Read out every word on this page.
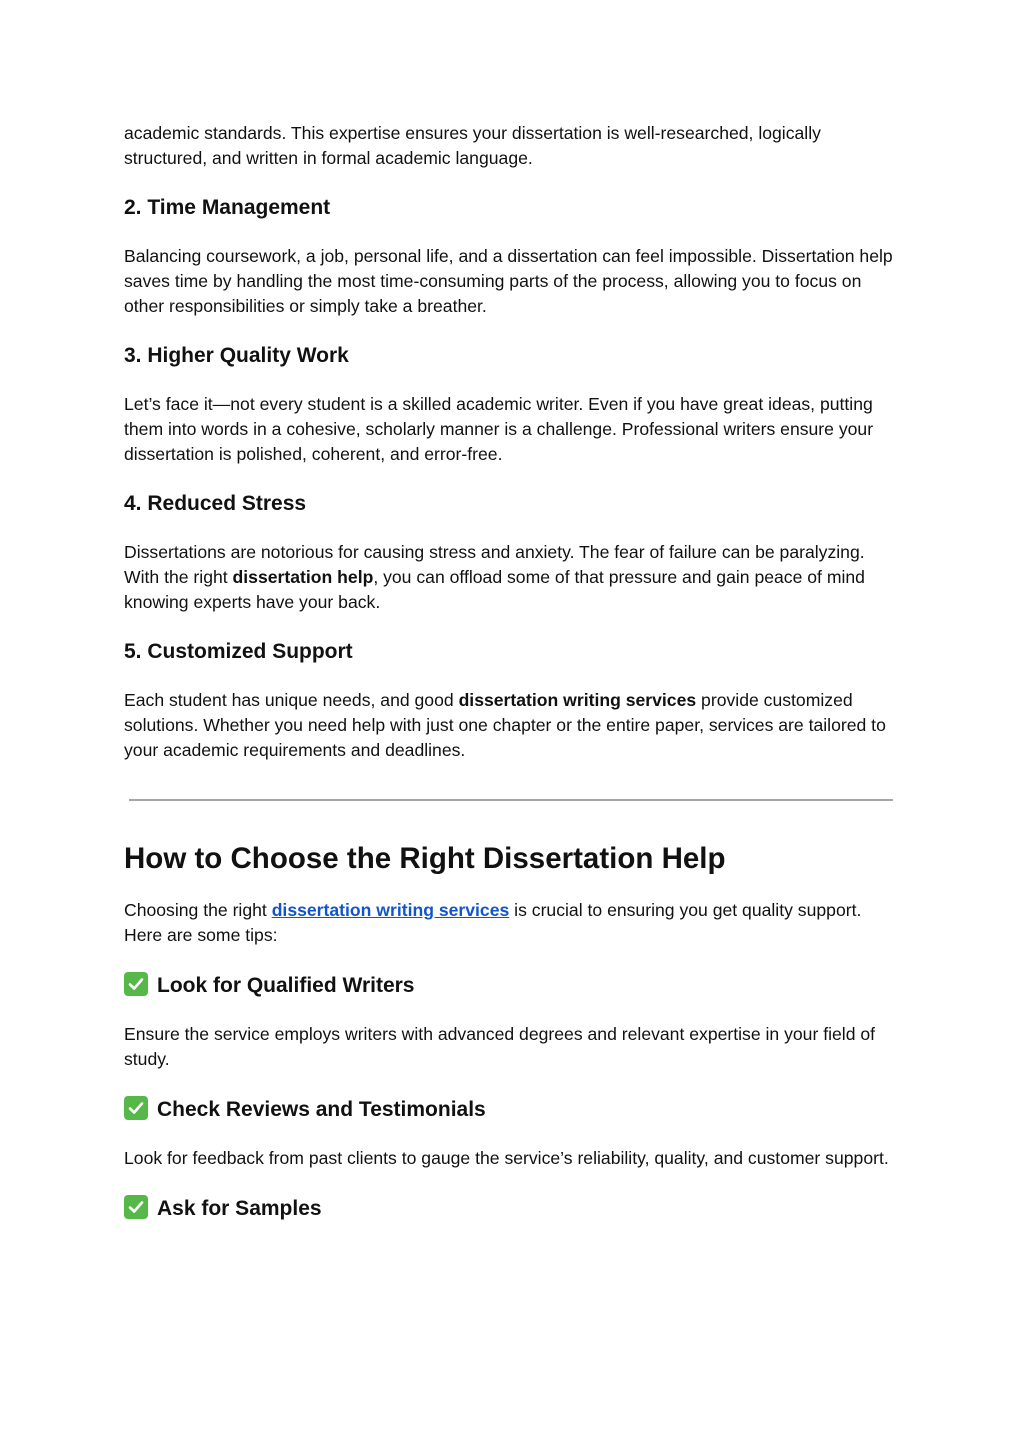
academic standards. This expertise ensures your dissertation is well-researched, logically structured, and written in formal academic language.

2. Time Management

Balancing coursework, a job, personal life, and a dissertation can feel impossible. Dissertation help saves time by handling the most time-consuming parts of the process, allowing you to focus on other responsibilities or simply take a breather.

3. Higher Quality Work

Let’s face it—not every student is a skilled academic writer. Even if you have great ideas, putting them into words in a cohesive, scholarly manner is a challenge. Professional writers ensure your dissertation is polished, coherent, and error-free.

4. Reduced Stress

Dissertations are notorious for causing stress and anxiety. The fear of failure can be paralyzing. With the right dissertation help, you can offload some of that pressure and gain peace of mind knowing experts have your back.

5. Customized Support

Each student has unique needs, and good dissertation writing services provide customized solutions. Whether you need help with just one chapter or the entire paper, services are tailored to your academic requirements and deadlines.

How to Choose the Right Dissertation Help

Choosing the right dissertation writing services is crucial to ensuring you get quality support. Here are some tips:

Look for Qualified Writers

Ensure the service employs writers with advanced degrees and relevant expertise in your field of study.

Check Reviews and Testimonials

Look for feedback from past clients to gauge the service’s reliability, quality, and customer support.

Ask for Samples
